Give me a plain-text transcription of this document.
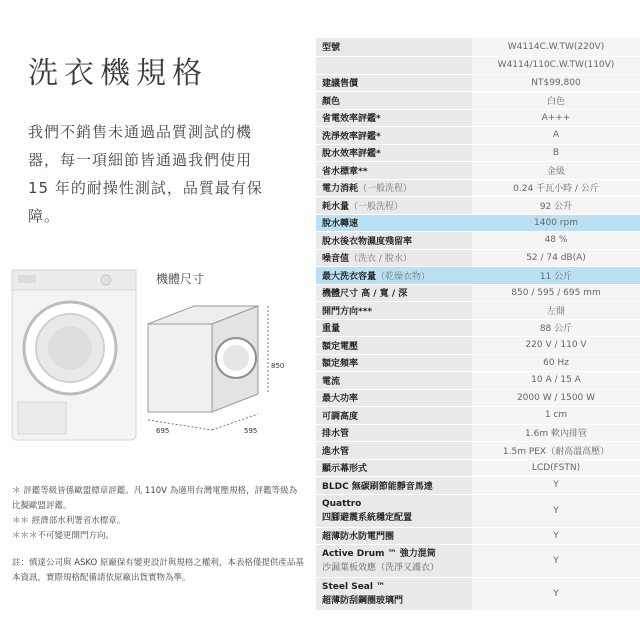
洗衣機規格

我們不銷售未通過品質測試的機器，每一項細節皆通過我們使用 15 年的耐操性測試，品質最有保障。

機體尺寸
850
695	595
＊ 評鑑等級皆係歐盟標章評鑑。凡 110V 為適用台灣電壓規格，評鑑等級為比擬歐盟評鑑。
＊＊ 經濟部水利署省水標章。
＊＊＊不可變更開門方向。

註：慎達公司與 ASKO 原廠保有變更設計與規格之權利，本表格僅提供產品基本資訊，實際規格配備請依原廠出貨實物為準。

型號	W4114C.W.TW(220V)
	W4114/110C.W.TW(110V)
建議售價	NT$99,800
顏色	白色
省電效率評鑑*	A+++
洗淨效率評鑑*	A
脫水效率評鑑*	B
省水標章**	金級
電力消耗（一般洗程）	0.24 千瓦小時 / 公斤
耗水量（一般洗程）	92 公升
脫水轉速	1400 rpm
脫水後衣物濕度殘留率	48 %
噪音值（洗衣 / 脫水）	52 / 74 dB(A)
最大洗衣容量（乾燥衣物）	11 公斤
機體尺寸 高 / 寬 / 深	850 / 595 / 695 mm
開門方向***	左開
重量	88 公斤
額定電壓	220 V / 110 V
額定頻率	60 Hz
電流	10 A / 15 A
最大功率	2000 W / 1500 W
可調高度	1 cm
排水管	1.6m 軟內排管
進水管	1.5m PEX（耐高溫高壓）
顯示幕形式	LCD(FSTN)
BLDC 無碳刷節能靜音馬達	Y

Quattro
四腳避震系統穩定配置	Y

超薄防水防電門圈	Y

Active Drum ™ 強力混筒
沙漏葉板效應（洗淨又護衣）	Y

Steel Seal ™
超薄防刮鋼圈玻璃門	Y
